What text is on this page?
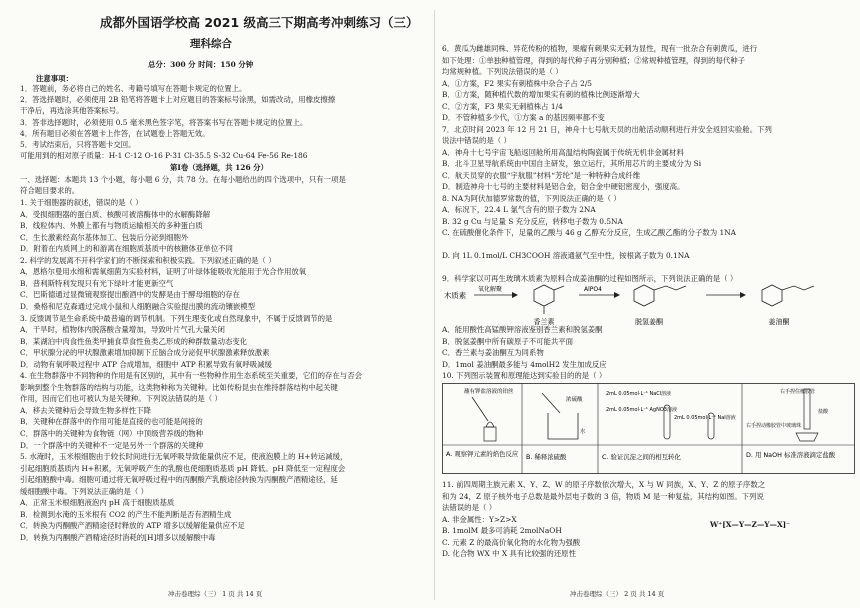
成都外国语学校高 2021 级高三下期高考冲刺练习（三）
理科综合
总分：300 分 时间：150 分钟
注意事项：
1．答题前，务必将自己的姓名、考籍号填写在答题卡规定的位置上。
2．答选择题时，必须使用 2B 铅笔将答题卡上对应题目的答案标号涂黑，如需改动，用橡皮擦擦
干净后，再选涂其他答案标号。
3．答非选择题时，必须使用 0.5 毫米黑色签字笔，将答案书写在答题卡规定的位置上。
4．所有题目必须在答题卡上作答，在试题卷上答题无效。
5．考试结束后，只将答题卡交回。
可能用到的相对原子质量：H-1 C-12 O-16 P-31 Cl-35.5 S-32 Cu-64 Fe-56 Re-186
第Ⅰ卷（选择题，共 126 分）
一、选择题：本题共 13 个小题，每小题 6 分，共 78 分。在每小题给出的四个选项中，只有一项是
符合题目要求的。
1. 关于细胞器的叙述，错误的是（ ）
A．受损细胞器的蛋白质、核酸可被溶酶体中的水解酶降解
B．线粒体内、外膜上都有与物质运输相关的多种蛋白质
C．生长激素经高尔基体加工、包装后分泌到细胞外
D．附着在内质网上的和游离在细胞质基质中的核糖体亚单位不同
2. 科学的发展离不开科学家们的不断探索和积极实践。下列叙述正确的是（ ）
A．恩格尔曼用水绵和需氧细菌为实验材料，证明了叶绿体能吸收光能用于光合作用放氧
B．普利斯特利发现只有光下绿叶才能更新空气
C．巴斯德通过显微镜观察提出酿酒中的发酵是由于酵母细胞的存在
D．桑格和尼克森通过完成小鼠和人细胞融合实验提出膜的流动镶嵌模型
3. 反馈调节是生命系统中最普遍的调节机制。下列生理变化或自然现象中，不属于反馈调节的是
A．干旱时，植物体内脱落酸含量增加，导致叶片气孔大量关闭
B．某湖泊中肉食性鱼类甲捕食草食性鱼类乙形成的种群数量动态变化
C．甲状腺分泌的甲状腺激素增加抑制下丘脑合成分泌促甲状腺激素释放激素
D．动物有氧呼吸过程中 ATP 合成增加，细胞中 ATP 积累导致有氧呼吸减缓
4. 在生物群落中不同物种的作用是有区别的，其中有一些物种作用生态系统至关重要，它们的存在与否会
影响到整个生物群落的结构与功能，这类物种称为关键种。比如传粉昆虫在维持群落结构中起关键
作用，因而它们也可被认为是关键种。下列说法错误的是（ ）
A．移去关键种后会导致生物多样性下降
B．关键种在群落中的作用可能是直接的也可能是间接的
C．群落中的关键种为食物链（网）中顶级营养级的物种
D．一个群落中的关键种不一定是另外一个群落的关键种
5. 水淹时，玉米根细胞由于较长时间进行无氧呼吸导致能量供应不足，使液泡膜上的 H+转运减缓，
引起细胞质基质内 H+积累，无氧呼吸产生的乳酸也使细胞质基质 pH 降低。pH 降低至一定程度会
引起细胞酸中毒。细胞可通过将无氧呼吸过程中的丙酮酸产乳酸途径转换为丙酮酸产酒精途径，延
缓细胞酸中毒。下列说法正确的是（ ）
A．正常玉米根细胞液泡内 pH 高于细胞质基质
B．检测到水淹的玉米根有 CO2 的产生不能判断是否有酒精生成
C．转换为丙酮酸产酒精途径时释放的 ATP 增多以缓解能量供应不足
D．转换为丙酮酸产酒精途径时消耗的[H]增多以缓解酸中毒
冲击卷理综（三） 1 页 共 14 页
6．黄瓜为雌雄同株、异花传粉的植物，果瘤有刺果实无刺为显性，现有一批杂合有刺黄瓜，进行
如下处理：①单独种植管理，得到的每代种子再分别种植；②常规种植管理，得到的每代种子
均常规种植。下列说法错误的是（ ）
A．①方案，F2 果实有刺植株中杂合子占 2/5
B．①方案，随种植代数的增加果实有刺的植株比例逐渐增大
C．②方案，F3 果实无刺植株占 1/4
D．不管种植多少代，①方案 a 的基因频率都不变
7．北京时间 2023 年 12 月 21 日，神舟十七号航天员的出舱活动顺利进行并安全返回实验舱。下列
说法中错误的是（ ）
A．神舟十七号宇宙飞船返回舱所用高温结构陶瓷属于传统无机非金属材料
B．北斗卫星导航系统由中国自主研发，独立运行，其所用芯片的主要成分为 Si
C．航天员穿的衣服“宇航服”材料“芳纶”是一种特种合成纤维
D．制造神舟十七号的主要材料是铝合金，铝合金中硬铝密度小，强度高。
8. NA为阿伏加德罗常数的值，下列说法正确的是（ ）
A．标况下，22.4 L 氯气含有的原子数为 2NA
B. 32 g Cu 与足量 S 充分反应，转移电子数为 0.5NA
C. 在硫酸催化条件下，足量的乙酸与 46 g 乙醇充分反应，生成乙酸乙酯的分子数为 1NA
D. 向 1L 0.1mol/L CH3COOH 溶液通氨气至中性，铵根离子数为 0.1NA
9．科学家以可再生玻璃木质素为原料合成姜油酮的过程如图所示，下列说法正确的是（ ）
木质素
氧化解聚
香兰素
AlPO4
脱氢姜酮	姜油酮
A．能用酸性高锰酸钾溶液鉴别香兰素和脱氢姜酮
B．脱氢姜酮中所有碳原子不可能共平面
C．香兰素与姜油酮互为同系物
D．1mol 姜油酮最多能与 4molH2 发生加成反应
10. 下列图示装置和原理能达到实验目的的是（ ）
蘸有钾盐溶液的铂丝
A. 观察钾元素的焰色反应
浓硫酸
水
B. 稀释浓硫酸
2mL 0.05mol·L⁻¹ NaCl溶液
2mL 0.05mol·L⁻¹ AgNO3溶液
2mL 0.05mol·L⁻¹ NaI溶液
C. 验证沉淀之间的相互转化
右手捏住橡胶管
盐酸
右手捏动橡胶管中玻璃珠
D. 用 NaOH 标准溶液滴定盐酸
11. 前四周期主族元素 X、Y、Z、W 的原子序数依次增大，X 与 W 同族，X、Y、Z 的原子序数之
和为 24，Z 原子核外电子总数是最外层电子数的 3 倍，物质 M 是一种复盐，其结构如图。下列说
法错误的是（ ）
A. 非金属性：Y>Z>X
B. 1molM 最多可消耗 2molNaOH
C. 元素 Z 的最高价氧化物的水化物为强酸
D. 化合物 WX 中 X 具有比较强的还原性
W⁺[X—Y—Z—Y—X]⁻
冲击卷理综（三） 2 页 共 14 页
